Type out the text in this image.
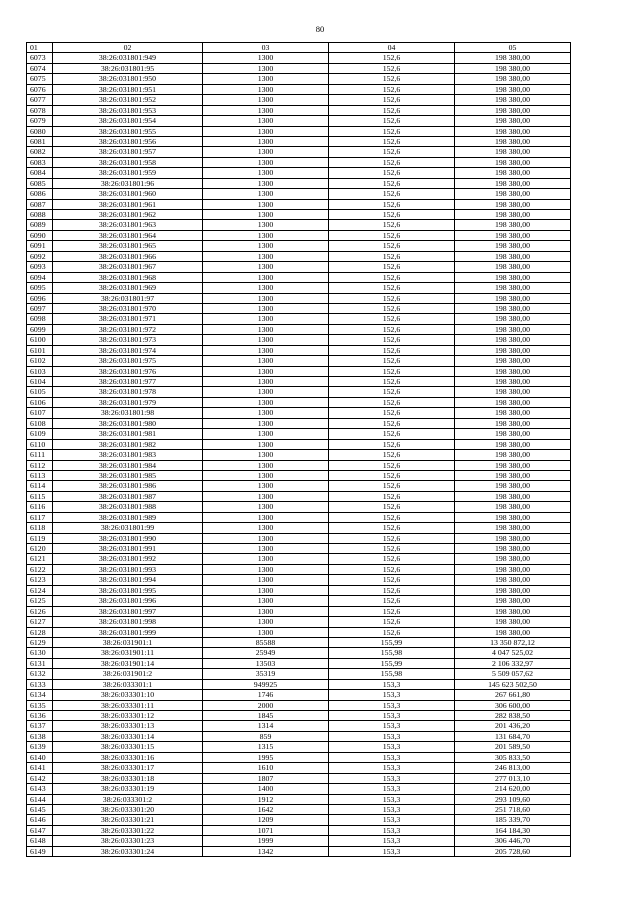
80
01	02	03	04	05
6073	38:26:031801:949	1300	152,6	198 380,00
6074	38:26:031801:95	1300	152,6	198 380,00
6075	38:26:031801:950	1300	152,6	198 380,00
6076	38:26:031801:951	1300	152,6	198 380,00
6077	38:26:031801:952	1300	152,6	198 380,00
6078	38:26:031801:953	1300	152,6	198 380,00
6079	38:26:031801:954	1300	152,6	198 380,00
6080	38:26:031801:955	1300	152,6	198 380,00
6081	38:26:031801:956	1300	152,6	198 380,00
6082	38:26:031801:957	1300	152,6	198 380,00
6083	38:26:031801:958	1300	152,6	198 380,00
6084	38:26:031801:959	1300	152,6	198 380,00
6085	38:26:031801:96	1300	152,6	198 380,00
6086	38:26:031801:960	1300	152,6	198 380,00
6087	38:26:031801:961	1300	152,6	198 380,00
6088	38:26:031801:962	1300	152,6	198 380,00
6089	38:26:031801:963	1300	152,6	198 380,00
6090	38:26:031801:964	1300	152,6	198 380,00
6091	38:26:031801:965	1300	152,6	198 380,00
6092	38:26:031801:966	1300	152,6	198 380,00
6093	38:26:031801:967	1300	152,6	198 380,00
6094	38:26:031801:968	1300	152,6	198 380,00
6095	38:26:031801:969	1300	152,6	198 380,00
6096	38:26:031801:97	1300	152,6	198 380,00
6097	38:26:031801:970	1300	152,6	198 380,00
6098	38:26:031801:971	1300	152,6	198 380,00
6099	38:26:031801:972	1300	152,6	198 380,00
6100	38:26:031801:973	1300	152,6	198 380,00
6101	38:26:031801:974	1300	152,6	198 380,00
6102	38:26:031801:975	1300	152,6	198 380,00
6103	38:26:031801:976	1300	152,6	198 380,00
6104	38:26:031801:977	1300	152,6	198 380,00
6105	38:26:031801:978	1300	152,6	198 380,00
6106	38:26:031801:979	1300	152,6	198 380,00
6107	38:26:031801:98	1300	152,6	198 380,00
6108	38:26:031801:980	1300	152,6	198 380,00
6109	38:26:031801:981	1300	152,6	198 380,00
6110	38:26:031801:982	1300	152,6	198 380,00
6111	38:26:031801:983	1300	152,6	198 380,00
6112	38:26:031801:984	1300	152,6	198 380,00
6113	38:26:031801:985	1300	152,6	198 380,00
6114	38:26:031801:986	1300	152,6	198 380,00
6115	38:26:031801:987	1300	152,6	198 380,00
6116	38:26:031801:988	1300	152,6	198 380,00
6117	38:26:031801:989	1300	152,6	198 380,00
6118	38:26:031801:99	1300	152,6	198 380,00
6119	38:26:031801:990	1300	152,6	198 380,00
6120	38:26:031801:991	1300	152,6	198 380,00
6121	38:26:031801:992	1300	152,6	198 380,00
6122	38:26:031801:993	1300	152,6	198 380,00
6123	38:26:031801:994	1300	152,6	198 380,00
6124	38:26:031801:995	1300	152,6	198 380,00
6125	38:26:031801:996	1300	152,6	198 380,00
6126	38:26:031801:997	1300	152,6	198 380,00
6127	38:26:031801:998	1300	152,6	198 380,00
6128	38:26:031801:999	1300	152,6	198 380,00
6129	38:26:031901:1	85588	155,99	13 350 872,12
6130	38:26:031901:11	25949	155,98	4 047 525,02
6131	38:26:031901:14	13503	155,99	2 106 332,97
6132	38:26:031901:2	35319	155,98	5 509 057,62
6133	38:26:033301:1	949925	153,3	145 623 502,50
6134	38:26:033301:10	1746	153,3	267 661,80
6135	38:26:033301:11	2000	153,3	306 600,00
6136	38:26:033301:12	1845	153,3	282 838,50
6137	38:26:033301:13	1314	153,3	201 436,20
6138	38:26:033301:14	859	153,3	131 684,70
6139	38:26:033301:15	1315	153,3	201 589,50
6140	38:26:033301:16	1995	153,3	305 833,50
6141	38:26:033301:17	1610	153,3	246 813,00
6142	38:26:033301:18	1807	153,3	277 013,10
6143	38:26:033301:19	1400	153,3	214 620,00
6144	38:26:033301:2	1912	153,3	293 109,60
6145	38:26:033301:20	1642	153,3	251 718,60
6146	38:26:033301:21	1209	153,3	185 339,70
6147	38:26:033301:22	1071	153,3	164 184,30
6148	38:26:033301:23	1999	153,3	306 446,70
6149	38:26:033301:24	1342	153,3	205 728,60
